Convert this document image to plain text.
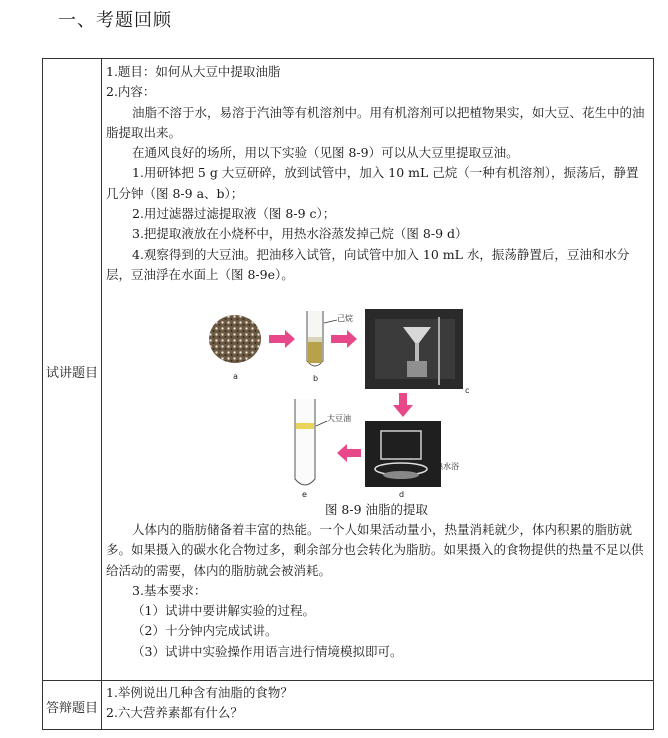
一、考题回顾
试讲题目
答辩题目

1.题目：如何从大豆中提取油脂

2.内容：

油脂不溶于水，易溶于汽油等有机溶剂中。用有机溶剂可以把植物果实，如大豆、花生中的油脂提取出来。

在通风良好的场所，用以下实验（见图 8-9）可以从大豆里提取豆油。

1.用研钵把 5 g 大豆研碎，放到试管中，加入 10 mL 己烷（一种有机溶剂），振荡后，静置几分钟（图 8-9 a、b）；

2.用过滤器过滤提取液（图 8-9 c）；

3.把提取液放在小烧杯中，用热水浴蒸发掉己烷（图 8-9 d）

4.观察得到的大豆油。把油移入试管，向试管中加入 10 mL 水，振荡静置后，豆油和水分层，豆油浮在水面上（图 8-9e）。

a
己烷
b
c
热水浴
d
大豆油
e
图 8-9 油脂的提取

人体内的脂肪储备着丰富的热能。一个人如果活动量小，热量消耗就少，体内积累的脂肪就多。如果摄入的碳水化合物过多，剩余部分也会转化为脂肪。如果摄入的食物提供的热量不足以供给活动的需要，体内的脂肪就会被消耗。

3.基本要求：

（1）试讲中要讲解实验的过程。

（2）十分钟内完成试讲。

（3）试讲中实验操作用语言进行情境模拟即可。

1.举例说出几种含有油脂的食物？

2.六大营养素都有什么？
